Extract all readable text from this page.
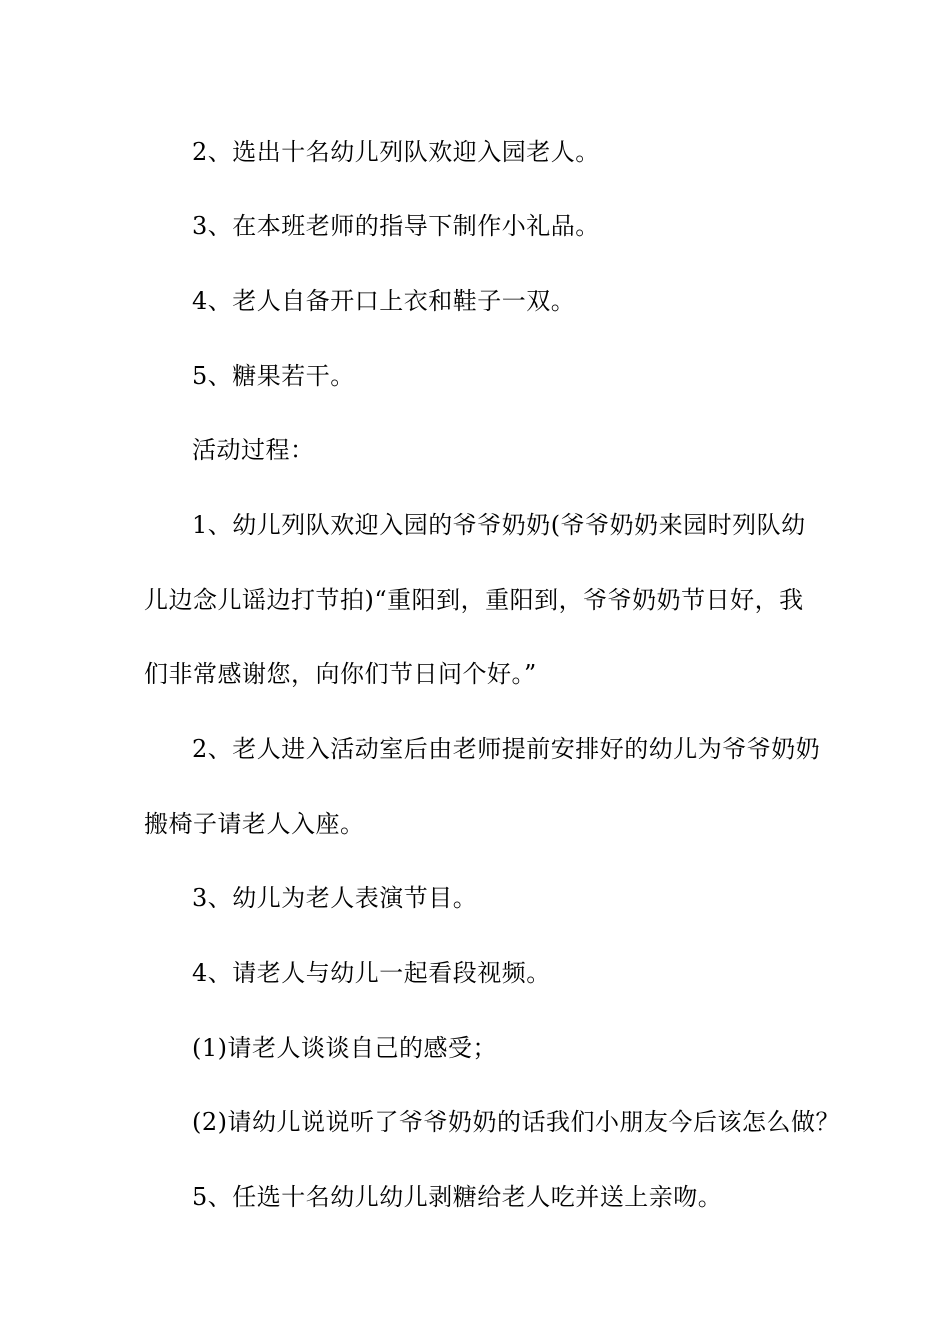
2、选出十名幼儿列队欢迎入园老人。
3、在本班老师的指导下制作小礼品。
4、老人自备开口上衣和鞋子一双。
5、糖果若干。
活动过程：
1、幼儿列队欢迎入园的爷爷奶奶(爷爷奶奶来园时列队幼
儿边念儿谣边打节拍)“重阳到，重阳到，爷爷奶奶节日好，我
们非常感谢您，向你们节日问个好。”
2、老人进入活动室后由老师提前安排好的幼儿为爷爷奶奶
搬椅子请老人入座。
3、幼儿为老人表演节目。
4、请老人与幼儿一起看段视频。
(1)请老人谈谈自己的感受；
(2)请幼儿说说听了爷爷奶奶的话我们小朋友今后该怎么做？
5、任选十名幼儿幼儿剥糖给老人吃并送上亲吻。
